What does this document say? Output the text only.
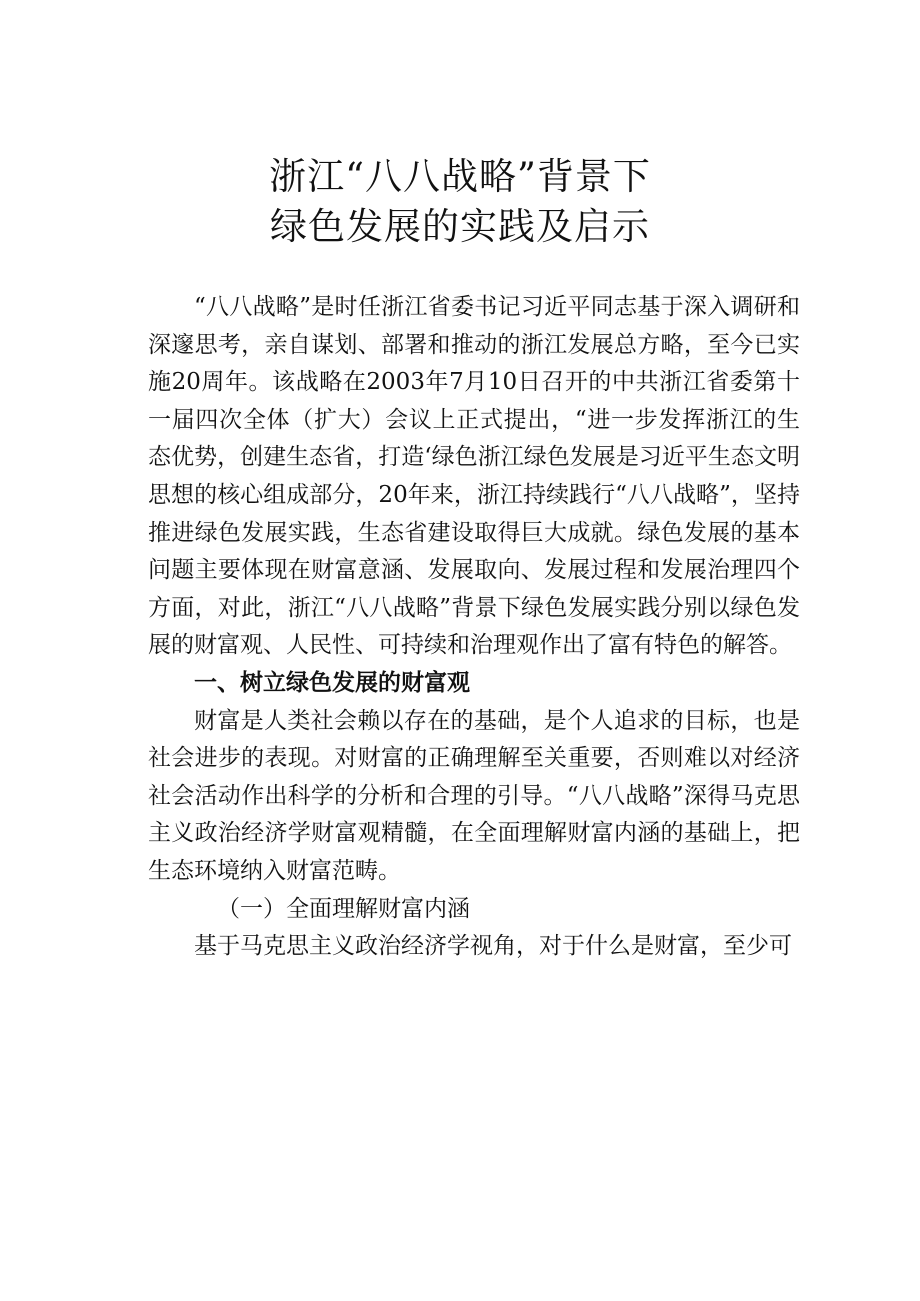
浙江“八八战略”背景下
绿色发展的实践及启示

“八八战略”是时任浙江省委书记习近平同志基于深入调研和深邃思考，亲自谋划、部署和推动的浙江发展总方略，至今已实施20周年。该战略在2003年7月10日召开的中共浙江省委第十一届四次全体（扩大）会议上正式提出，“进一步发挥浙江的生态优势，创建生态省，打造‘绿色浙江绿色发展是习近平生态文明思想的核心组成部分，20年来，浙江持续践行“八八战略”，坚持推进绿色发展实践，生态省建设取得巨大成就。绿色发展的基本问题主要体现在财富意涵、发展取向、发展过程和发展治理四个方面，对此，浙江“八八战略”背景下绿色发展实践分别以绿色发展的财富观、人民性、可持续和治理观作出了富有特色的解答。

一、树立绿色发展的财富观

财富是人类社会赖以存在的基础，是个人追求的目标，也是社会进步的表现。对财富的正确理解至关重要，否则难以对经济社会活动作出科学的分析和合理的引导。“八八战略”深得马克思主义政治经济学财富观精髓，在全面理解财富内涵的基础上，把生态环境纳入财富范畴。

（一）全面理解财富内涵

基于马克思主义政治经济学视角，对于什么是财富，至少可
